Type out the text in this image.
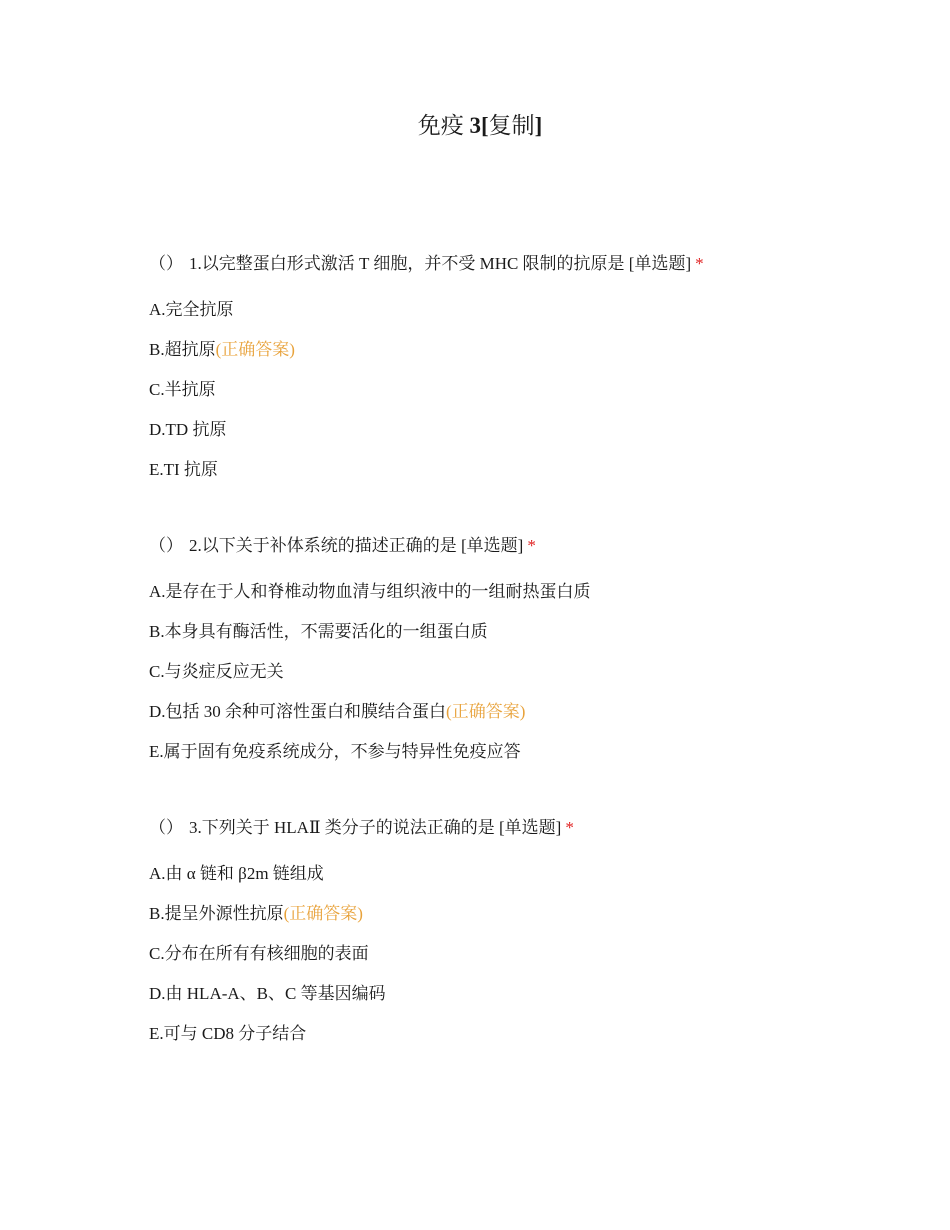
免疫 3[复制]
（） 1.以完整蛋白形式激活 T 细胞，并不受 MHC 限制的抗原是 [单选题] *
A.完全抗原
B.超抗原(正确答案)
C.半抗原
D.TD 抗原
E.TI 抗原
（） 2.以下关于补体系统的描述正确的是 [单选题] *
A.是存在于人和脊椎动物血清与组织液中的一组耐热蛋白质
B.本身具有酶活性，不需要活化的一组蛋白质
C.与炎症反应无关
D.包括 30 余种可溶性蛋白和膜结合蛋白(正确答案)
E.属于固有免疫系统成分，不参与特异性免疫应答
（） 3.下列关于 HLAⅡ 类分子的说法正确的是 [单选题] *
A.由 α 链和 β2m 链组成
B.提呈外源性抗原(正确答案)
C.分布在所有有核细胞的表面
D.由 HLA-A、B、C 等基因编码
E.可与 CD8 分子结合
